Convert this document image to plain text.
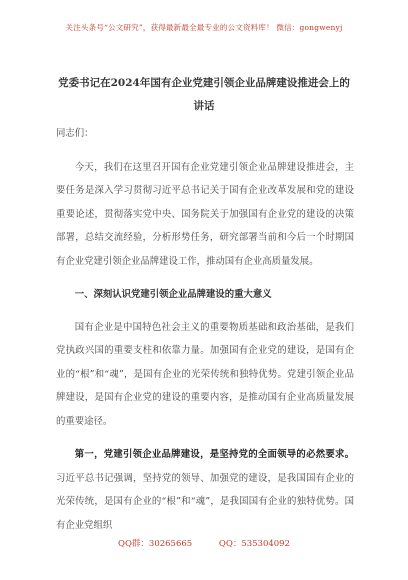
关注头条号“公文研究”，获得最新最全最专业的公文资料库！ 微信：gongwenyj
党委书记在2024年国有企业党建引领企业品牌建设推进会上的讲话

同志们：

今天，我们在这里召开国有企业党建引领企业品牌建设推进会，主要任务是深入学习贯彻习近平总书记关于国有企业改革发展和党的建设重要论述，贯彻落实党中央、国务院关于加强国有企业党的建设的决策部署，总结交流经验，分析形势任务，研究部署当前和今后一个时期国有企业党建引领企业品牌建设工作，推动国有企业高质量发展。

一、深刻认识党建引领企业品牌建设的重大意义

国有企业是中国特色社会主义的重要物质基础和政治基础，是我们党执政兴国的重要支柱和依靠力量。加强国有企业党的建设，是国有企业的“根”和“魂”，是国有企业的光荣传统和独特优势。党建引领企业品牌建设，是国有企业党的建设的重要内容，是推动国有企业高质量发展的重要途径。

第一，党建引领企业品牌建设，是坚持党的全面领导的必然要求。习近平总书记强调，坚持党的领导、加强党的建设，是我国国有企业的光荣传统，是国有企业的“根”和“魂”，是我国国有企业的独特优势。国有企业党组织

QQ群：30265665	QQ：535304092
